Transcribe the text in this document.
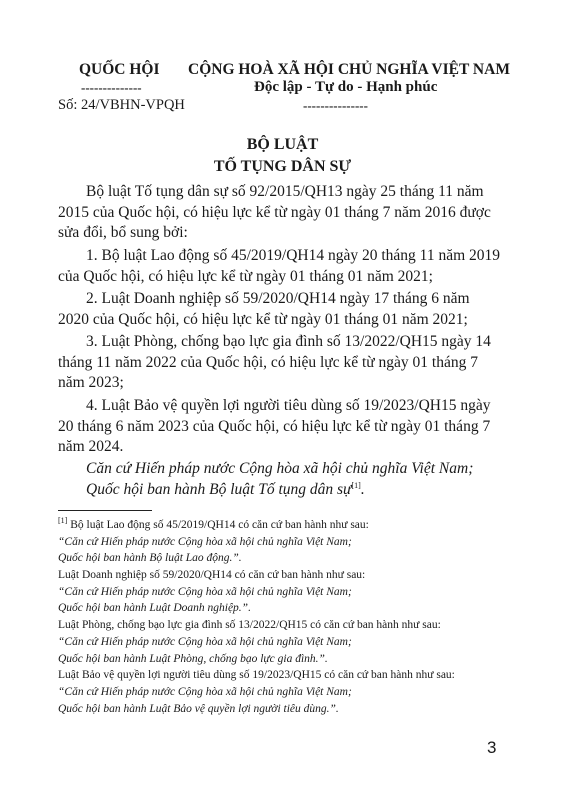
QUỐC HỘI
--------------
Số: 24/VBHN-VPQH
CỘNG HOÀ XÃ HỘI CHỦ NGHĨA VIỆT NAM
Độc lập - Tự do - Hạnh phúc
---------------
BỘ LUẬT
TỐ TỤNG DÂN SỰ
Bộ luật Tố tụng dân sự số 92/2015/QH13 ngày 25 tháng 11 năm
2015 của Quốc hội, có hiệu lực kể từ ngày 01 tháng 7 năm 2016 được
sửa đổi, bổ sung bởi:
1. Bộ luật Lao động số 45/2019/QH14 ngày 20 tháng 11 năm 2019
của Quốc hội, có hiệu lực kể từ ngày 01 tháng 01 năm 2021;
2. Luật Doanh nghiệp số 59/2020/QH14 ngày 17 tháng 6 năm
2020 của Quốc hội, có hiệu lực kể từ ngày 01 tháng 01 năm 2021;
3. Luật Phòng, chống bạo lực gia đình số 13/2022/QH15 ngày 14
tháng 11 năm 2022 của Quốc hội, có hiệu lực kể từ ngày 01 tháng 7
năm 2023;
4. Luật Bảo vệ quyền lợi người tiêu dùng số 19/2023/QH15 ngày
20 tháng 6 năm 2023 của Quốc hội, có hiệu lực kể từ ngày 01 tháng 7
năm 2024.
Căn cứ Hiến pháp nước Cộng hòa xã hội chủ nghĩa Việt Nam;
Quốc hội ban hành Bộ luật Tố tụng dân sự[1].
[1] Bộ luật Lao động số 45/2019/QH14 có căn cứ ban hành như sau:
“Căn cứ Hiến pháp nước Cộng hòa xã hội chủ nghĩa Việt Nam;
Quốc hội ban hành Bộ luật Lao động.”.
Luật Doanh nghiệp số 59/2020/QH14 có căn cứ ban hành như sau:
“Căn cứ Hiến pháp nước Cộng hòa xã hội chủ nghĩa Việt Nam;
Quốc hội ban hành Luật Doanh nghiệp.”.
Luật Phòng, chống bạo lực gia đình số 13/2022/QH15 có căn cứ ban hành như sau:
“Căn cứ Hiến pháp nước Cộng hòa xã hội chủ nghĩa Việt Nam;
Quốc hội ban hành Luật Phòng, chống bạo lực gia đình.”.
Luật Bảo vệ quyền lợi người tiêu dùng số 19/2023/QH15 có căn cứ ban hành như sau:
“Căn cứ Hiến pháp nước Cộng hòa xã hội chủ nghĩa Việt Nam;
Quốc hội ban hành Luật Bảo vệ quyền lợi người tiêu dùng.”.
3
